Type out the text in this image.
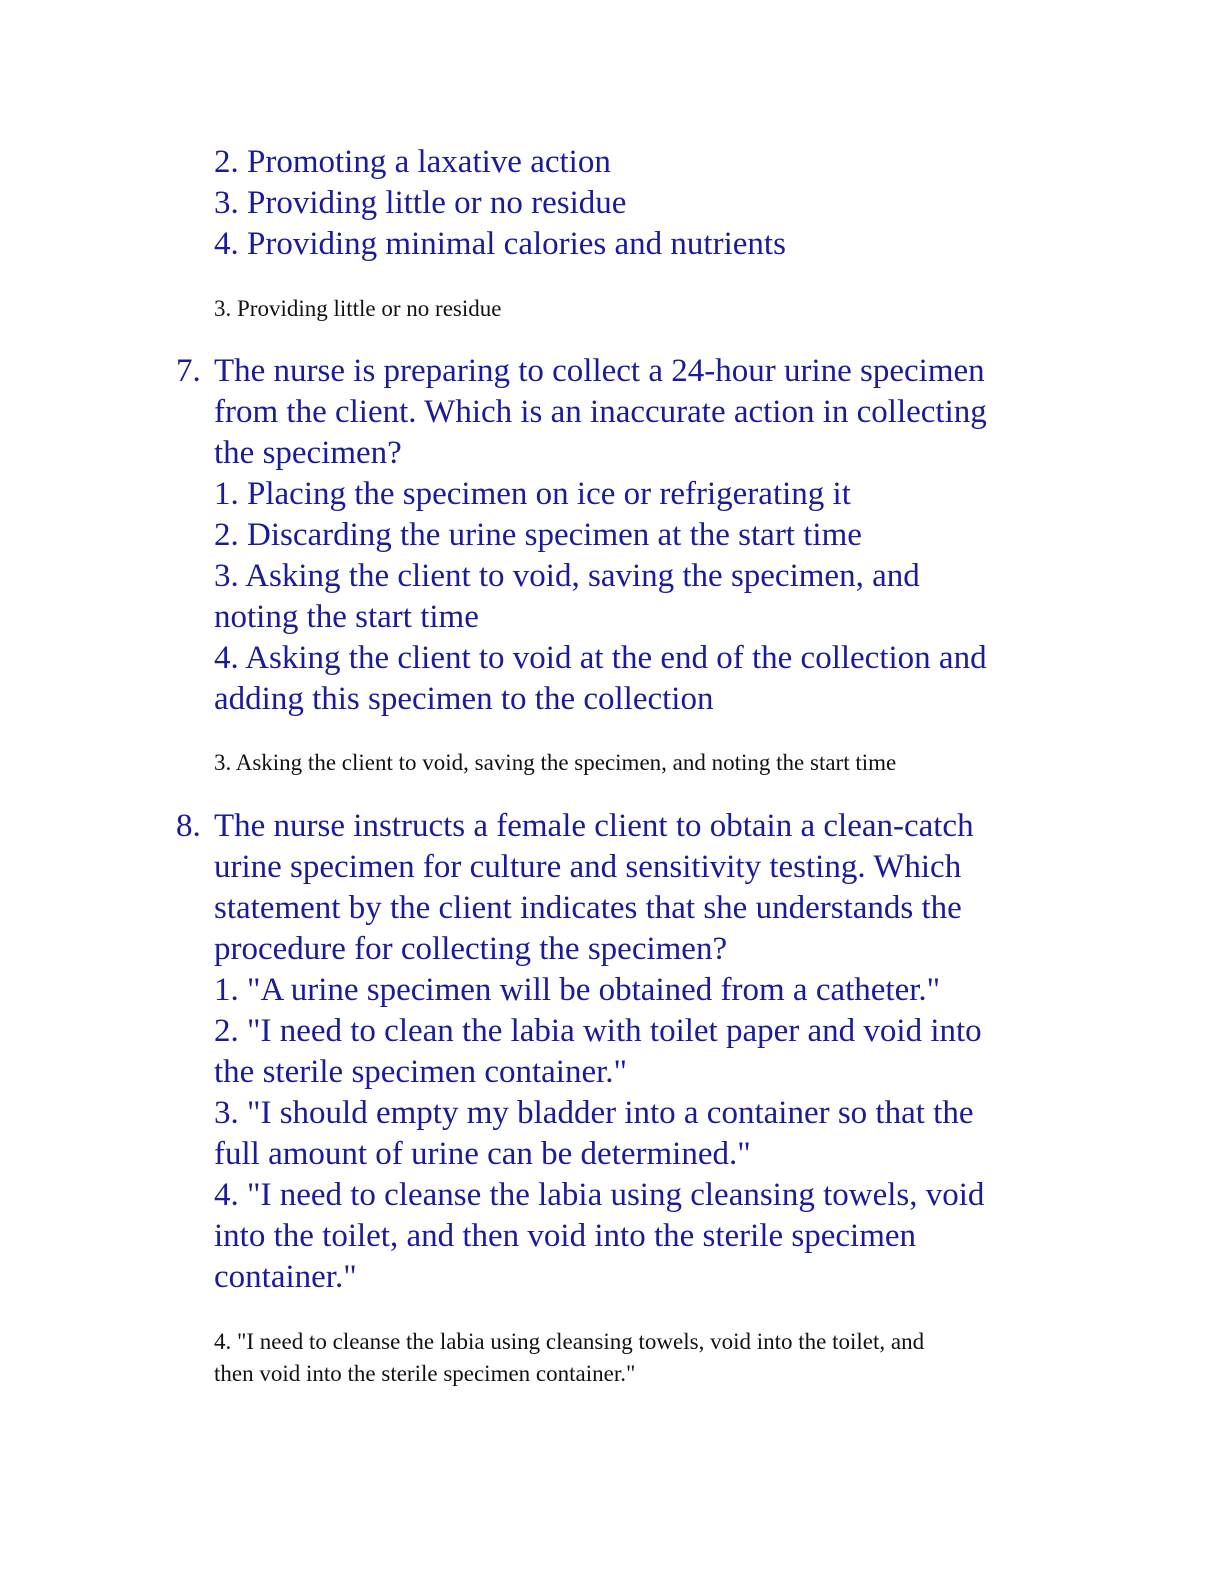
2. Promoting a laxative action
3. Providing little or no residue
4. Providing minimal calories and nutrients
3. Providing little or no residue
7. The nurse is preparing to collect a 24-hour urine specimen
from the client. Which is an inaccurate action in collecting
the specimen?
1. Placing the specimen on ice or refrigerating it
2. Discarding the urine specimen at the start time
3. Asking the client to void, saving the specimen, and
noting the start time
4. Asking the client to void at the end of the collection and
adding this specimen to the collection
3. Asking the client to void, saving the specimen, and noting the start time
8. The nurse instructs a female client to obtain a clean-catch
urine specimen for culture and sensitivity testing. Which
statement by the client indicates that she understands the
procedure for collecting the specimen?
1. "A urine specimen will be obtained from a catheter."
2. "I need to clean the labia with toilet paper and void into
the sterile specimen container."
3. "I should empty my bladder into a container so that the
full amount of urine can be determined."
4. "I need to cleanse the labia using cleansing towels, void
into the toilet, and then void into the sterile specimen
container."
4. "I need to cleanse the labia using cleansing towels, void into the toilet, and
then void into the sterile specimen container."
